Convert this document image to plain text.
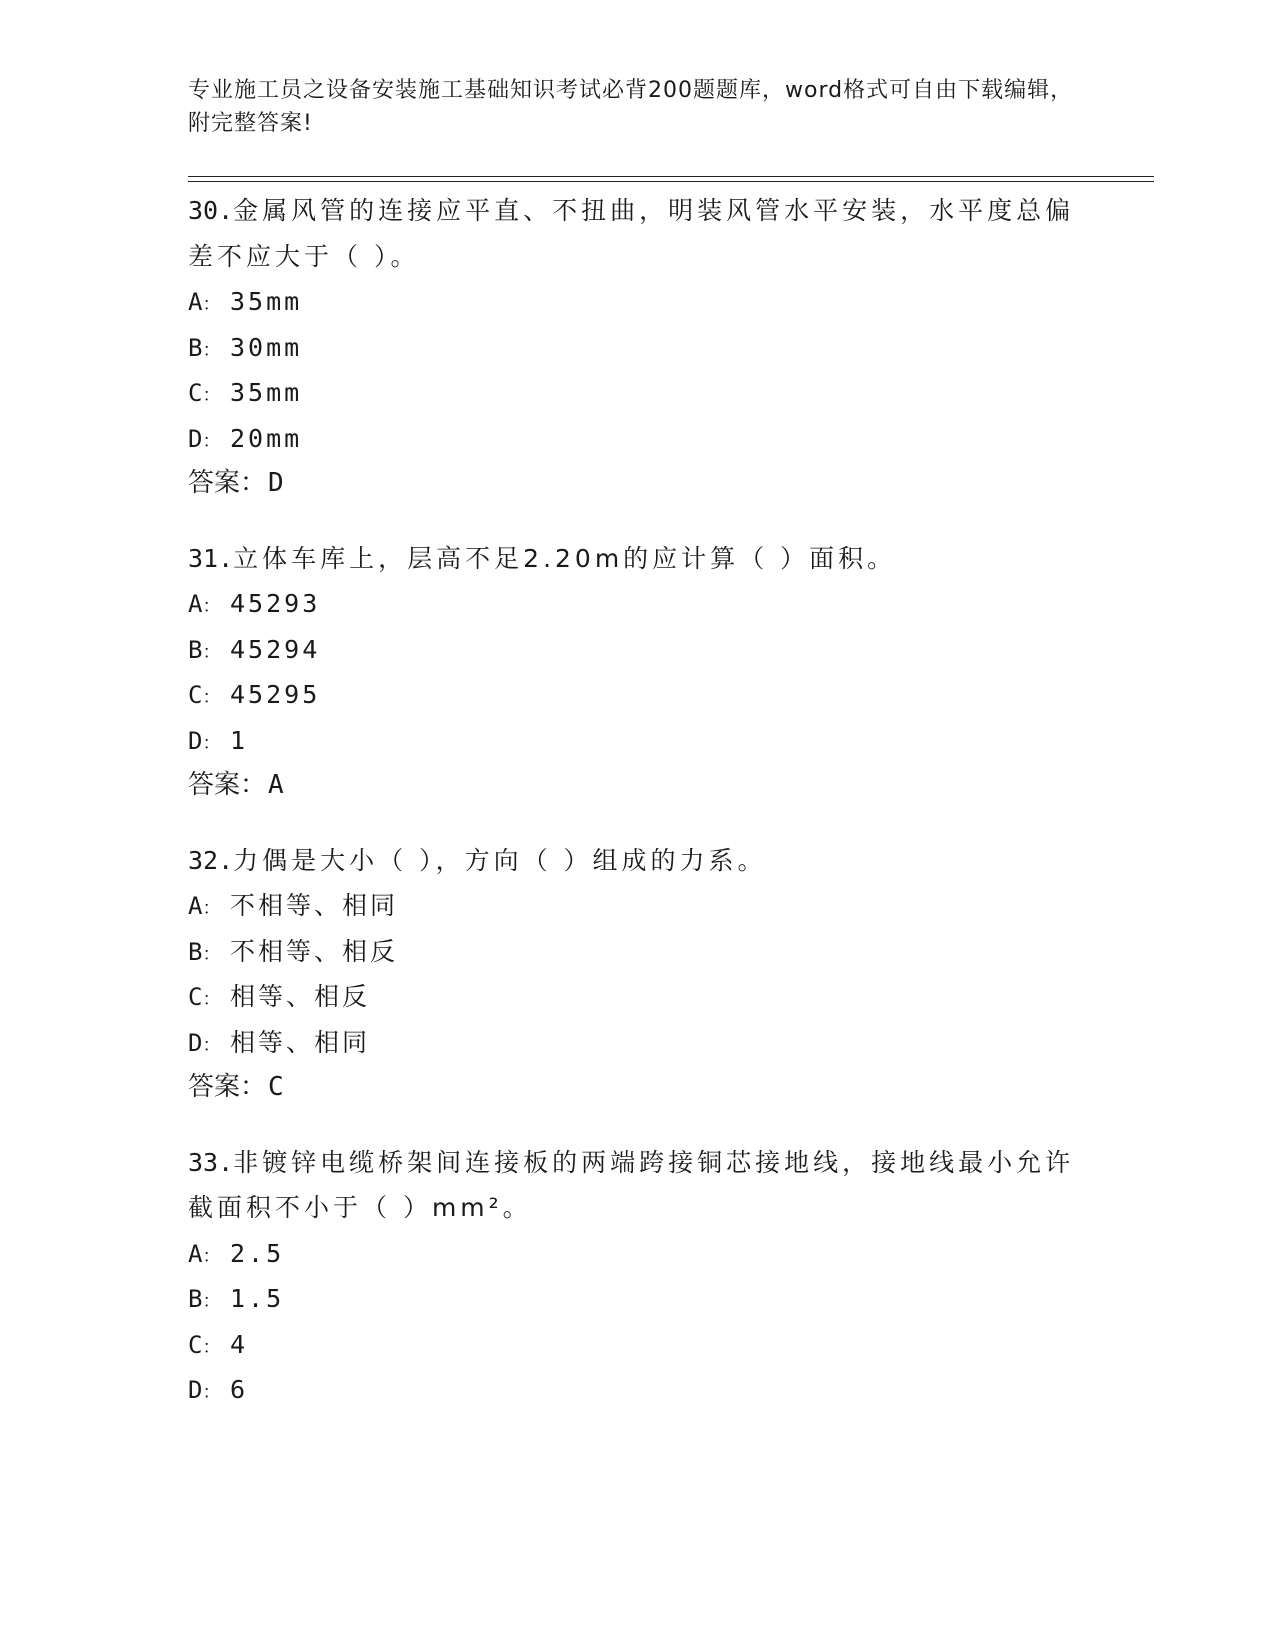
专业施工员之设备安装施工基础知识考试必背200题题库，word格式可自由下载编辑，附完整答案!

30.金属风管的连接应平直、不扭曲，明装风管水平安装，水平度总偏差不应大于（ ）。

A ：	35mm
B ：	30mm
C ：	35mm
D ：	20mm
答案： D

31.立体车库上，层高不足2.20m的应计算（ ）面积。

A ：	45293
B ：	45294
C ：	45295
D ：	1
答案： A

32.力偶是大小（ ），方向（ ）组成的力系。

A ：	不相等、相同
B ：	不相等、相反
C ：	相等、相反
D ：	相等、相同
答案： C

33.非镀锌电缆桥架间连接板的两端跨接铜芯接地线，接地线最小允许截面积不小于（ ）mm²。

A ：	2.5
B ：	1.5
C ：	4
D ：	6
